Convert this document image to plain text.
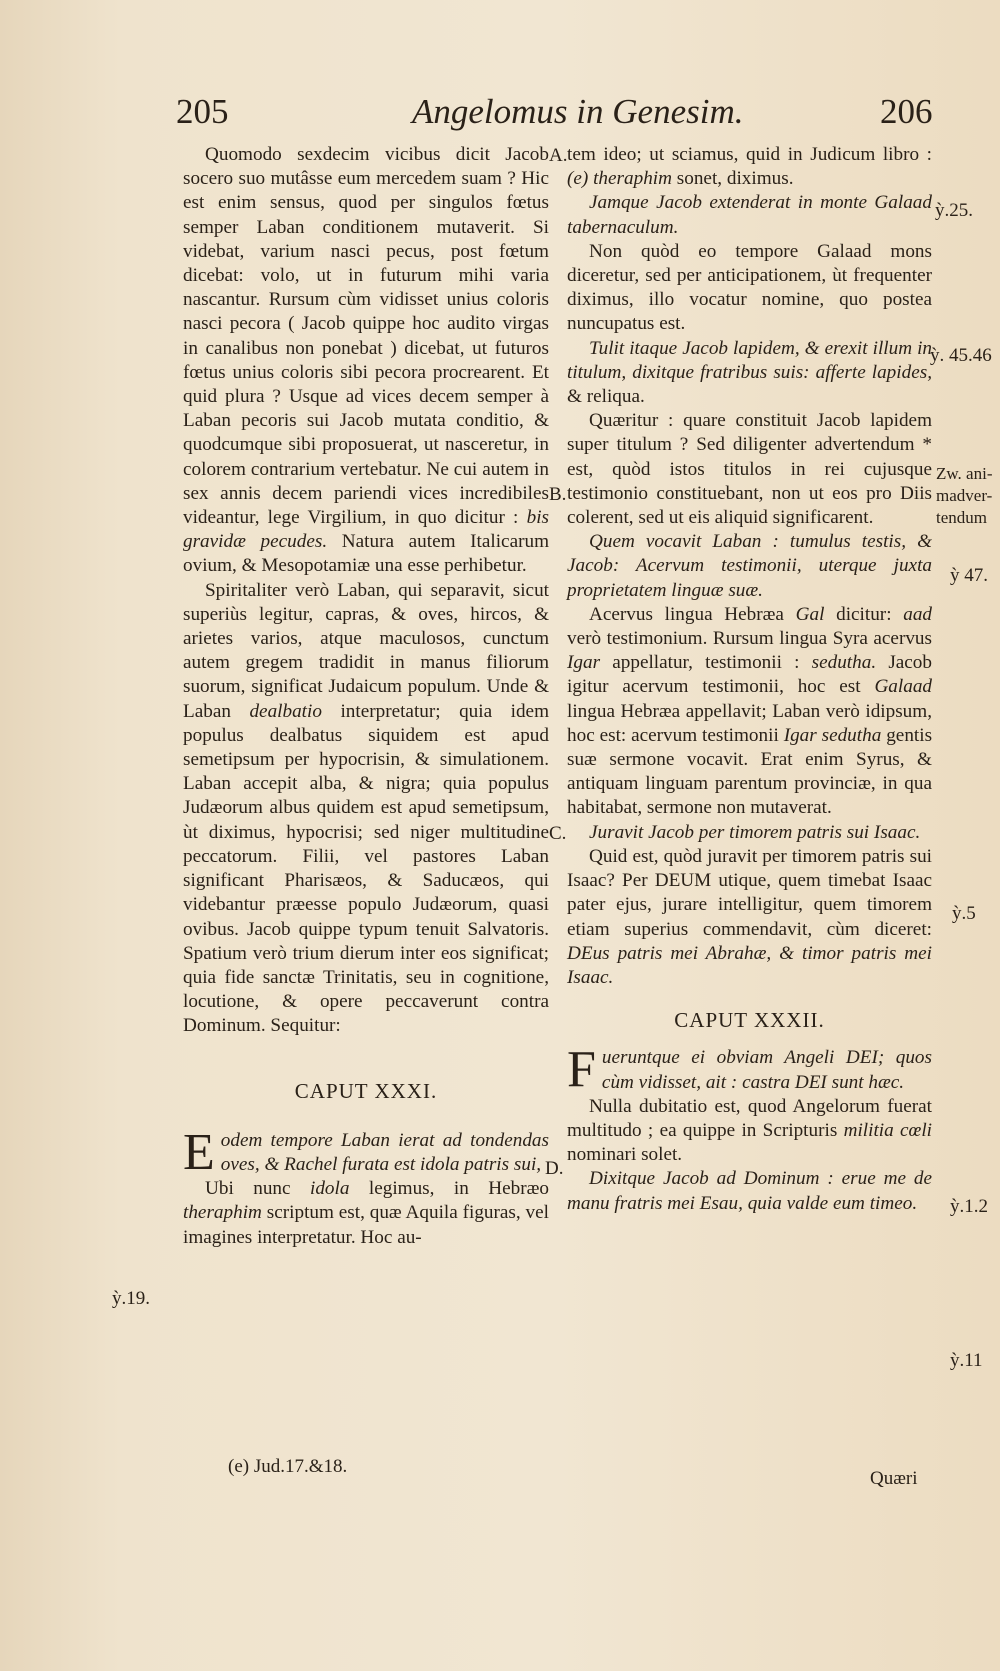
205	Angelomus in Genesim.	206

Quomodo sexdecim vicibus dicit Jacob socero suo mutâsse eum mercedem suam ? Hic est enim sensus, quod per singulos fœtus semper Laban conditionem mutaverit. Si videbat, varium nasci pecus, post fœtum dicebat: volo, ut in futurum mihi varia nascantur. Rursum cùm vidisset unius coloris nasci pecora ( Jacob quippe hoc audito virgas in canalibus non ponebat ) dicebat, ut futuros fœtus unius coloris sibi pecora procrearent. Et quid plura ? Usque ad vices decem semper à Laban pecoris sui Jacob mutata conditio, & quodcumque sibi proposuerat, ut nasceretur, in colorem contrarium vertebatur. Ne cui autem in sex annis decem pariendi vices incredibiles videantur, lege Virgilium, in quo dicitur : bis gravidæ pecudes. Natura autem Italicarum ovium, & Mesopotamiæ una esse perhibetur.

Spiritaliter verò Laban, qui separavit, sicut superiùs legitur, capras, & oves, hircos, & arietes varios, atque maculosos, cunctum autem gregem tradidit in manus filiorum suorum, significat Judaicum populum. Unde & Laban dealbatio interpretatur; quia idem populus dealbatus siquidem est apud semetipsum per hypocrisin, & simulationem. Laban accepit alba, & nigra; quia populus Judæorum albus quidem est apud semetipsum, ùt diximus, hypocrisi; sed niger multitudine peccatorum. Filii, vel pastores Laban significant Pharisæos, & Saducæos, qui videbantur præesse populo Judæorum, quasi ovibus. Jacob quippe typum tenuit Salvatoris. Spatium verò trium dierum inter eos significat; quia fide sanctæ Trinitatis, seu in cognitione, locutione, & opere peccaverunt contra Dominum. Sequitur:

CAPUT XXXI.

Eodem tempore Laban ierat ad tondendas oves, & Rachel furata est idola patris sui,

Ubi nunc idola legimus, in Hebræo theraphim scriptum est, quæ Aquila figuras, vel imagines interpretatur. Hoc au-

tem ideo; ut sciamus, quid in Judicum libro : (e) theraphim sonet, diximus.

Jamque Jacob extenderat in monte Galaad tabernaculum.

Non quòd eo tempore Galaad mons diceretur, sed per anticipationem, ùt frequenter diximus, illo vocatur nomine, quo postea nuncupatus est.

Tulit itaque Jacob lapidem, & erexit illum in titulum, dixitque fratribus suis: afferte lapides, & reliqua.

Quæritur : quare constituit Jacob lapidem super titulum ? Sed diligenter advertendum * est, quòd istos titulos in rei cujusque testimonio constituebant, non ut eos pro Diis colerent, sed ut eis aliquid significarent.

Quem vocavit Laban : tumulus testis, & Jacob: Acervum testimonii, uterque juxta proprietatem linguæ suæ.

Acervus lingua Hebræa Gal dicitur: aad verò testimonium. Rursum lingua Syra acervus Igar appellatur, testimonii : sedutha. Jacob igitur acervum testimonii, hoc est Galaad lingua Hebræa appellavit; Laban verò idipsum, hoc est: acervum testimonii Igar sedutha gentis suæ sermone vocavit. Erat enim Syrus, & antiquam linguam parentum provinciæ, in qua habitabat, sermone non mutaverat.

Juravit Jacob per timorem patris sui Isaac.

Quid est, quòd juravit per timorem patris sui Isaac? Per DEUM utique, quem timebat Isaac pater ejus, jurare intelligitur, quem timorem etiam superius commendavit, cùm diceret: DEus patris mei Abrahæ, & timor patris mei Isaac.

CAPUT XXXII.

Fueruntque ei obviam Angeli DEI; quos cùm vidisset, ait : castra DEI sunt hæc.

Nulla dubitatio est, quod Angelorum fuerat multitudo ; ea quippe in Scripturis militia cœli nominari solet.

Dixitque Jacob ad Dominum : erue me de manu fratris mei Esau, quia valde eum timeo.

A.
B.
C.
D.
ỳ.25.
ỳ. 45.46
ỳ 47.
ỳ.5
ỳ.19.
ỳ.1.2
ỳ.11
Zw. ani- madver- tendum
(e) Jud.17.&18.
Quæri
